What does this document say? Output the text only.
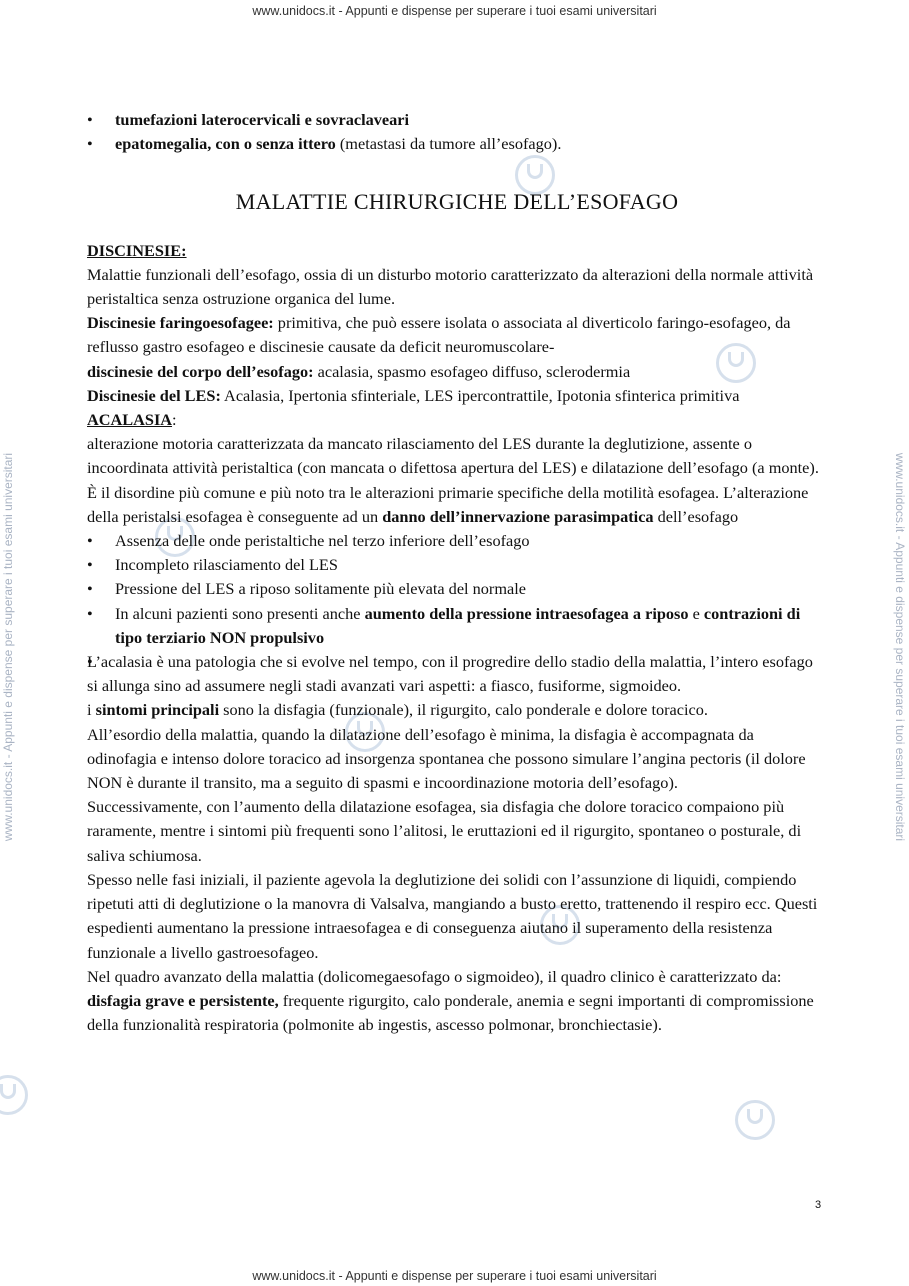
www.unidocs.it - Appunti e dispense per superare i tuoi esami universitari
www.unidocs.it - Appunti e dispense per superare i tuoi esami universitari	www.unidocs.it - Appunti e dispense per superare i tuoi esami universitari
• tumefazioni laterocervicali e sovraclaveari
• epatomegalia, con o senza ittero (metastasi da tumore all’esofago).
MALATTIE CHIRURGICHE DELL’ESOFAGO
DISCINESIE:
Malattie funzionali dell’esofago, ossia di un disturbo motorio caratterizzato da alterazioni della normale attività peristaltica senza ostruzione organica del lume.
Discinesie faringoesofagee: primitiva, che può essere isolata o associata al diverticolo faringo-esofageo, da reflusso gastro esofageo e discinesie causate da deficit neuromuscolare-
discinesie del corpo dell’esofago: acalasia, spasmo esofageo diffuso, sclerodermia
Discinesie del LES: Acalasia, Ipertonia sfinteriale, LES ipercontrattile, Ipotonia sfinterica primitiva
ACALASIA:
alterazione motoria caratterizzata da mancato rilasciamento del LES durante la deglutizione, assente o incoordinata attività peristaltica (con mancata o difettosa apertura del LES) e dilatazione dell’esofago (a monte). È il disordine più comune e più noto tra le alterazioni primarie specifiche della motilità esofagea. L’alterazione della peristalsi esofagea è conseguente ad un danno dell’innervazione parasimpatica dell’esofago
• Assenza delle onde peristaltiche nel terzo inferiore dell’esofago
• Incompleto rilasciamento del LES
• Pressione del LES a riposo solitamente più elevata del normale
• In alcuni pazienti sono presenti anche aumento della pressione intraesofagea a riposo e contrazioni di tipo terziario NON propulsivo
L’acalasia è una patologia che si evolve nel tempo, con il progredire dello stadio della malattia, l’intero esofago si allunga sino ad assumere negli stadi avanzati vari aspetti: a fiasco, fusiforme, sigmoideo.
i sintomi principali sono la disfagia (funzionale), il rigurgito, calo ponderale e dolore toracico.
All’esordio della malattia, quando la dilatazione dell’esofago è minima, la disfagia è accompagnata da odinofagia e intenso dolore toracico ad insorgenza spontanea che possono simulare l’angina pectoris (il dolore NON è durante il transito, ma a seguito di spasmi e incoordinazione motoria dell’esofago).
Successivamente, con l’aumento della dilatazione esofagea, sia disfagia che dolore toracico compaiono più raramente, mentre i sintomi più frequenti sono l’alitosi, le eruttazioni ed il rigurgito, spontaneo o posturale, di saliva schiumosa.
Spesso nelle fasi iniziali, il paziente agevola la deglutizione dei solidi con l’assunzione di liquidi, compiendo ripetuti atti di deglutizione o la manovra di Valsalva, mangiando a busto eretto, trattenendo il respiro ecc. Questi espedienti aumentano la pressione intraesofagea e di conseguenza aiutano il superamento della resistenza funzionale a livello gastroesofageo.
Nel quadro avanzato della malattia (dolicomegaesofago o sigmoideo), il quadro clinico è caratterizzato da: disfagia grave e persistente, frequente rigurgito, calo ponderale, anemia e segni importanti di compromissione della funzionalità respiratoria (polmonite ab ingestis, ascesso polmonar, bronchiectasie).
3
www.unidocs.it - Appunti e dispense per superare i tuoi esami universitari
